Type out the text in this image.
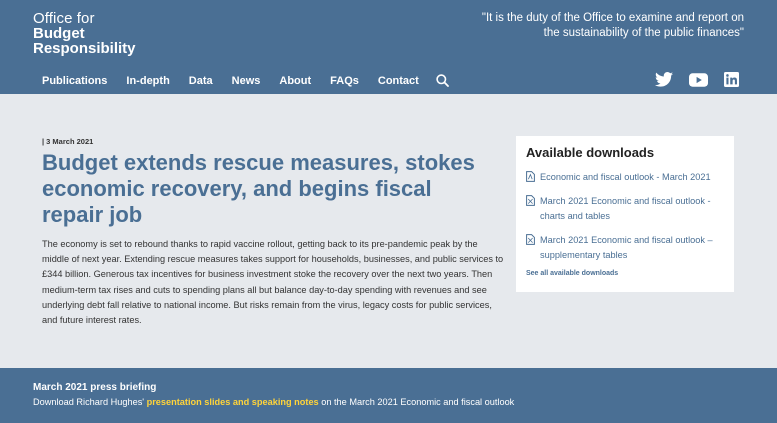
Office for
Budget
Responsibility
"It is the duty of the Office to examine and report on
the sustainability of the public finances"
Publications In-depth Data News About FAQs Contact
| 3 March 2021
Budget extends rescue measures, stokes economic recovery, and begins fiscal repair job

The economy is set to rebound thanks to rapid vaccine rollout, getting back to its pre-pandemic peak by the middle of next year. Extending rescue measures takes support for households, businesses, and public services to £344 billion. Generous tax incentives for business investment stoke the recovery over the next two years. Then medium-term tax rises and cuts to spending plans all but balance day-to-day spending with revenues and see underlying debt fall relative to national income. But risks remain from the virus, legacy costs for public services, and future interest rates.

Available downloads
Economic and fiscal outlook - March 2021
March 2021 Economic and fiscal outlook - charts and tables
March 2021 Economic and fiscal outlook – supplementary tables
See all available downloads
March 2021 press briefing
Download Richard Hughes' presentation slides and speaking notes on the March 2021 Economic and fiscal outlook
